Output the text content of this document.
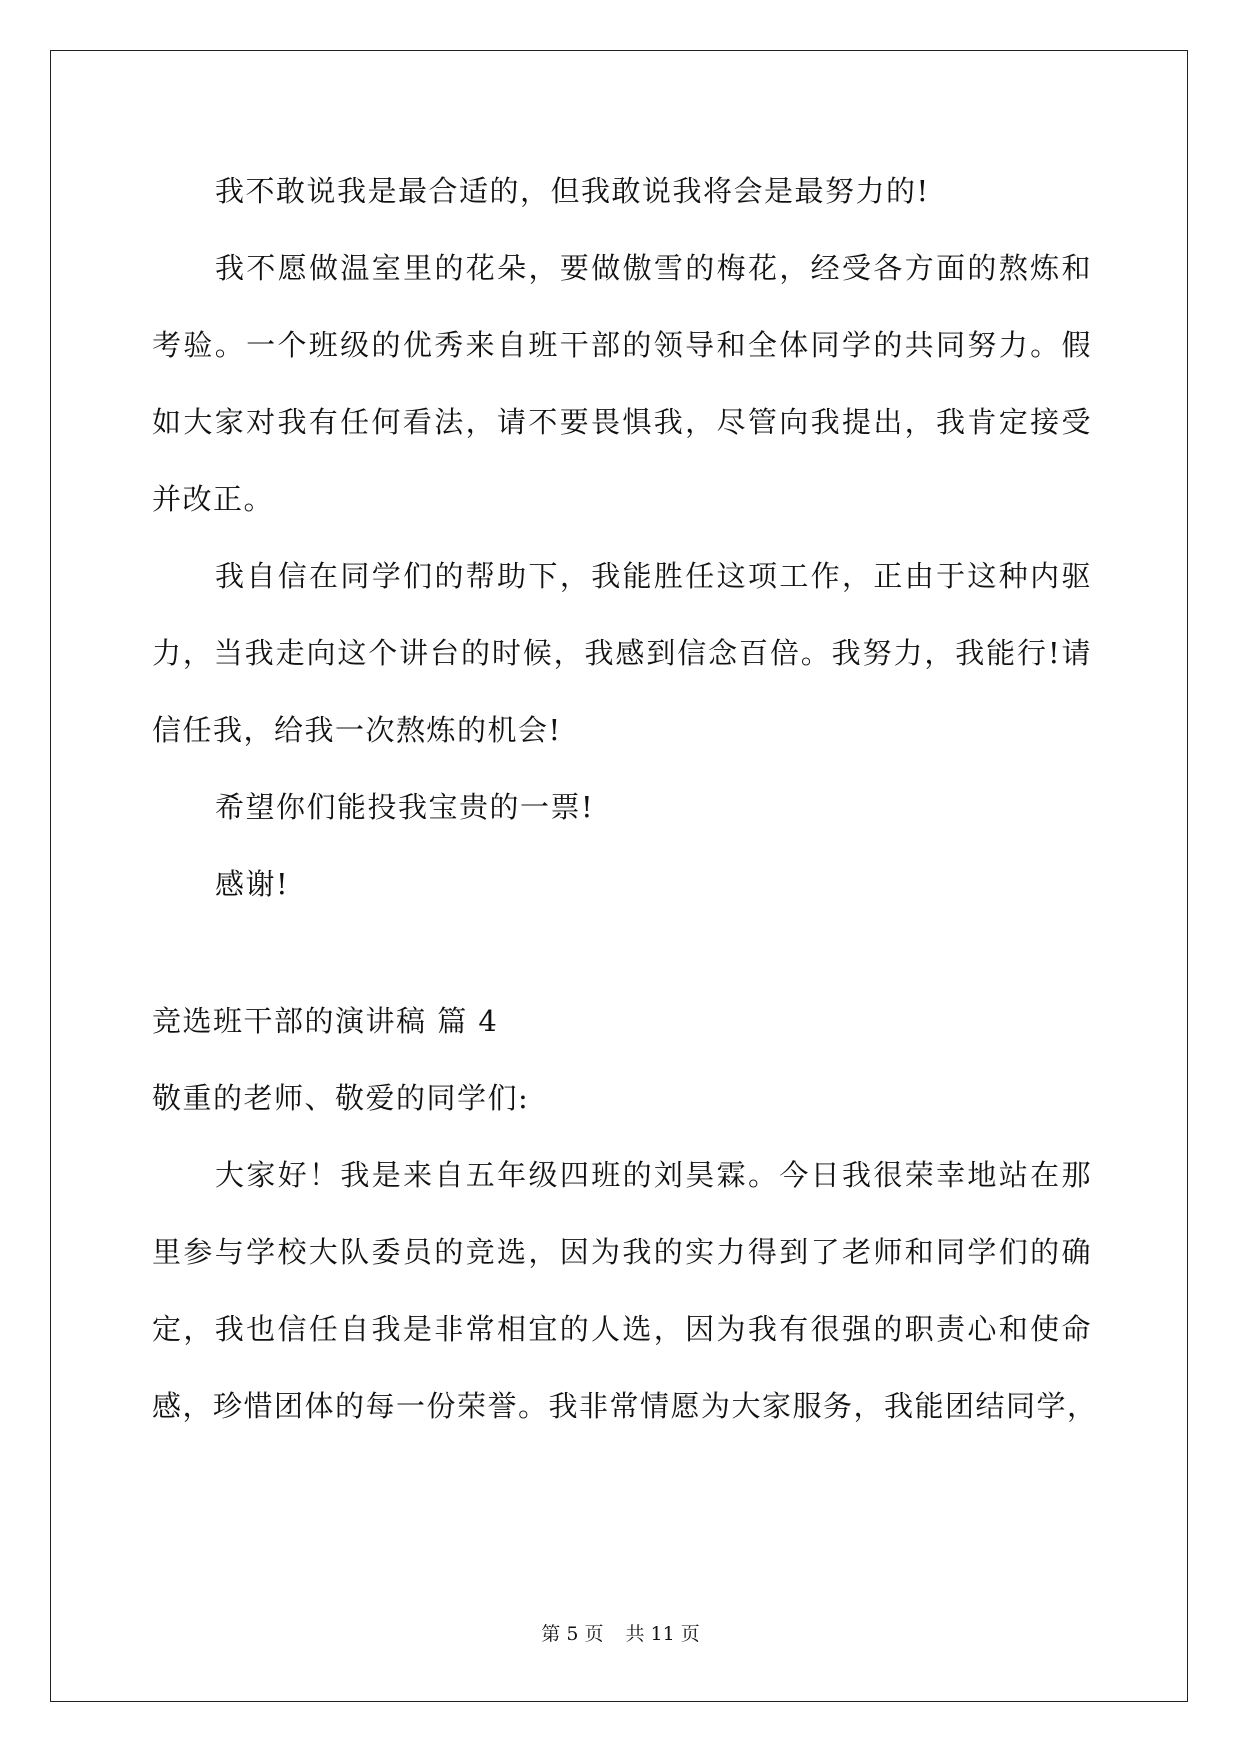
我不敢说我是最合适的，但我敢说我将会是最努力的!
我不愿做温室里的花朵，要做傲雪的梅花，经受各方面的熬炼和
考验。一个班级的优秀来自班干部的领导和全体同学的共同努力。假
如大家对我有任何看法，请不要畏惧我，尽管向我提出，我肯定接受
并改正。
我自信在同学们的帮助下，我能胜任这项工作，正由于这种内驱
力，当我走向这个讲台的时候，我感到信念百倍。我努力，我能行!请
信任我，给我一次熬炼的机会!
希望你们能投我宝贵的一票!
感谢!
竞选班干部的演讲稿 篇 4
敬重的老师、敬爱的同学们:
大家好！我是来自五年级四班的刘昊霖。今日我很荣幸地站在那
里参与学校大队委员的竞选，因为我的实力得到了老师和同学们的确
定，我也信任自我是非常相宜的人选，因为我有很强的职责心和使命
感，珍惜团体的每一份荣誉。我非常情愿为大家服务，我能团结同学，
第 5 页 共 11 页
